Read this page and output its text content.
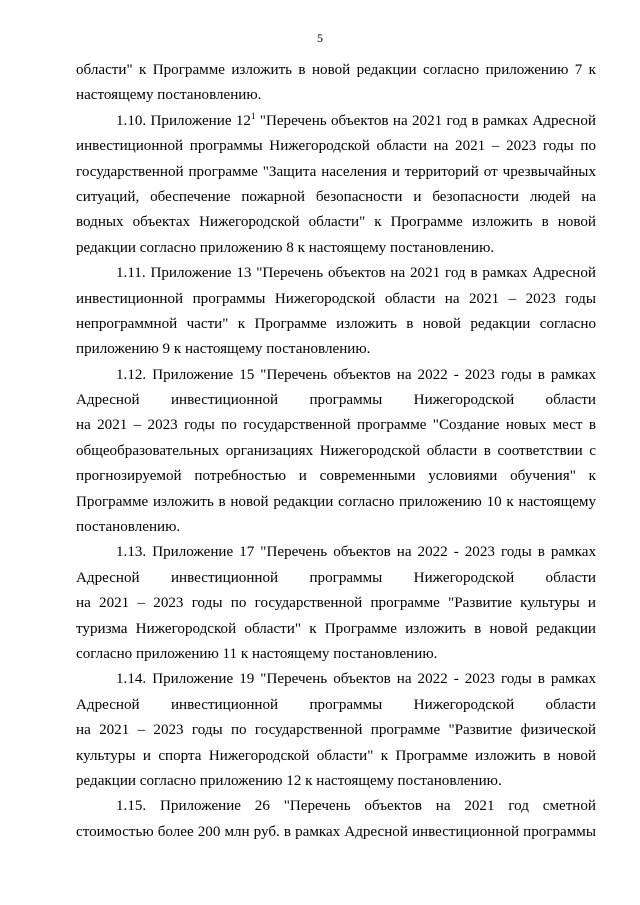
5
области" к Программе изложить в новой редакции согласно приложению 7 к
настоящему постановлению.
1.10. Приложение 12$^1$ "Перечень объектов на 2021 год в рамках Адресной
инвестиционной программы Нижегородской области на 2021 – 2023 годы по
государственной программе "Защита населения и территорий от чрезвычайных
ситуаций, обеспечение пожарной безопасности и безопасности людей на
водных объектах Нижегородской области" к Программе изложить в новой
редакции согласно приложению 8 к настоящему постановлению.
1.11. Приложение 13 "Перечень объектов на 2021 год в рамках Адресной
инвестиционной программы Нижегородской области на 2021 – 2023 годы
непрограммной части" к Программе изложить в новой редакции согласно
приложению 9 к настоящему постановлению.
1.12. Приложение 15 "Перечень объектов на 2022 - 2023 годы в рамках
Адресной инвестиционной программы Нижегородской области
на 2021 – 2023 годы по государственной программе "Создание новых мест в
общеобразовательных организациях Нижегородской области в соответствии с
прогнозируемой потребностью и современными условиями обучения" к
Программе изложить в новой редакции согласно приложению 10 к настоящему
постановлению.
1.13. Приложение 17 "Перечень объектов на 2022 - 2023 годы в рамках
Адресной инвестиционной программы Нижегородской области
на 2021 – 2023 годы по государственной программе "Развитие культуры и
туризма Нижегородской области" к Программе изложить в новой редакции
согласно приложению 11 к настоящему постановлению.
1.14. Приложение 19 "Перечень объектов на 2022 - 2023 годы в рамках
Адресной инвестиционной программы Нижегородской области
на 2021 – 2023 годы по государственной программе "Развитие физической
культуры и спорта Нижегородской области" к Программе изложить в новой
редакции согласно приложению 12 к настоящему постановлению.
1.15. Приложение 26 "Перечень объектов на 2021 год сметной
стоимостью более 200 млн руб. в рамках Адресной инвестиционной программы
